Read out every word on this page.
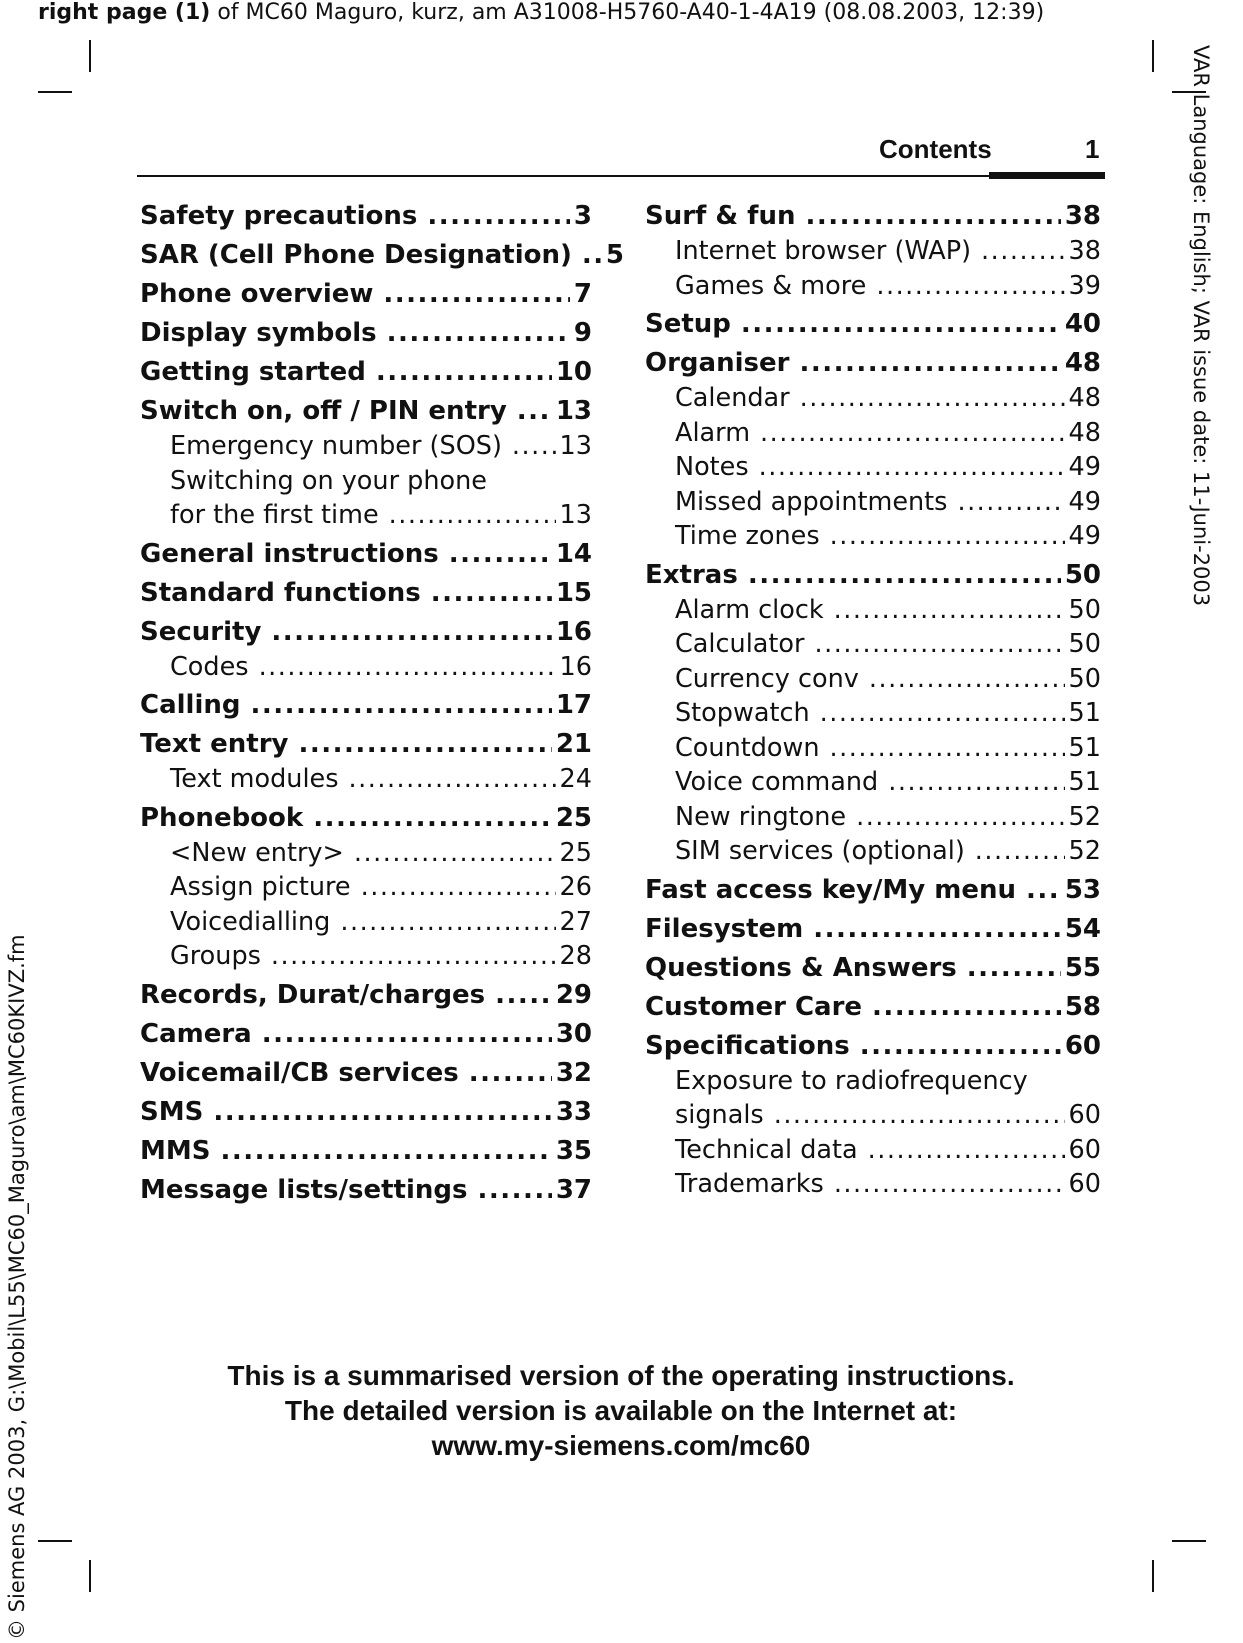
right page (1) of MC60 Maguro, kurz, am A31008-H5760-A40-1-4A19 (08.08.2003, 12:39)
VAR Language: English; VAR issue date: 11-Juni-2003
© Siemens AG 2003, G:\Mobil\L55\MC60_Maguro\am\MC60KIVZ.fm
Contents	1
Safety precautions .....	3
SAR (Cell Phone Designation) ..... 5
Phone overview .....	7
Display symbols .....	9
Getting started .....	10
Switch on, off / PIN entry ..... 13
Emergency number (SOS) ..... 13
Switching on your phone
for the first time .....	13
General instructions .....	14
Standard functions .....	15
Security .....	16
Codes .....	16
Calling .....	17
Text entry .....	21
Text modules .....	24
Phonebook .....	25
<New entry> .....	25
Assign picture .....	26
Voicedialling .....	27
Groups .....	28
Records, Durat/charges .....	29
Camera .....	30
Voicemail/CB services .....	32
SMS .....	33
MMS .....	35
Message lists/settings .....	37
Surf & fun .....	38
Internet browser (WAP) .....	38
Games & more .....	39
Setup .....	40
Organiser .....	48
Calendar .....	48
Alarm .....	48
Notes .....	49
Missed appointments .....	49
Time zones .....	49
Extras .....	50
Alarm clock .....	50
Calculator .....	50
Currency conv .....	50
Stopwatch .....	51
Countdown .....	51
Voice command .....	51
New ringtone .....	52
SIM services (optional) .....	52
Fast access key/My menu ..... 53
Filesystem .....	54
Questions & Answers .....	55
Customer Care .....	58
Specifications .....	60
Exposure to radiofrequency
signals .....	60
Technical data .....	60
Trademarks .....	60
This is a summarised version of the operating instructions.
The detailed version is available on the Internet at:
www.my-siemens.com/mc60
